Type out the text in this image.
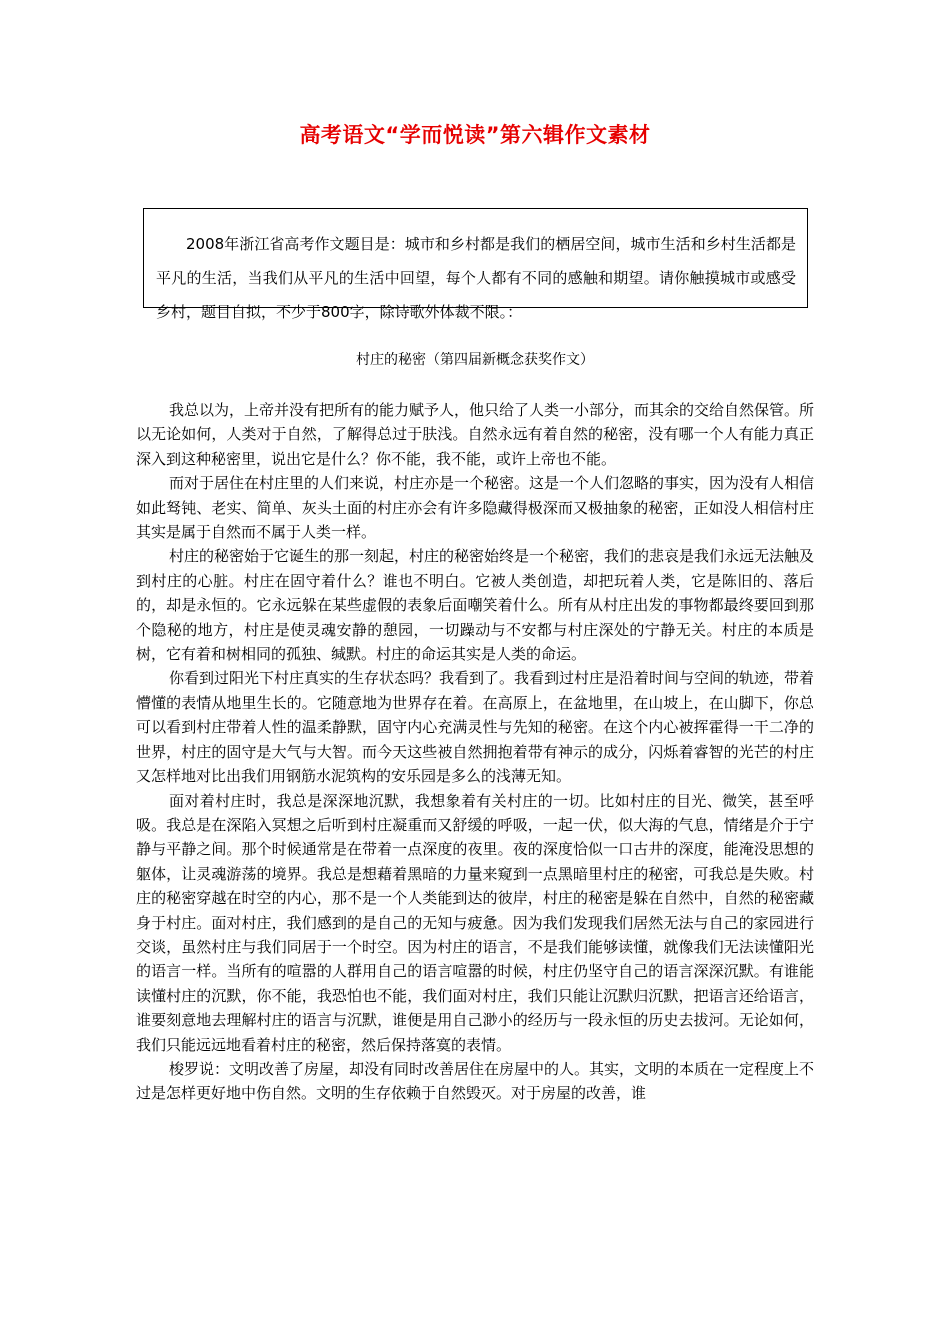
高考语文“学而悦读”第六辑作文素材
2008年浙江省高考作文题目是：城市和乡村都是我们的栖居空间，城市生活和乡村生活都是平凡的生活，当我们从平凡的生活中回望，每个人都有不同的感触和期望。请你触摸城市或感受乡村，题目自拟，不少于800字，除诗歌外体裁不限。：
村庄的秘密（第四届新概念获奖作文）

我总以为，上帝并没有把所有的能力赋予人，他只给了人类一小部分，而其余的交给自然保管。所以无论如何，人类对于自然，了解得总过于肤浅。自然永远有着自然的秘密，没有哪一个人有能力真正深入到这种秘密里，说出它是什么？你不能，我不能，或许上帝也不能。

而对于居住在村庄里的人们来说，村庄亦是一个秘密。这是一个人们忽略的事实，因为没有人相信如此驽钝、老实、简单、灰头土面的村庄亦会有许多隐藏得极深而又极抽象的秘密，正如没人相信村庄其实是属于自然而不属于人类一样。

村庄的秘密始于它诞生的那一刻起，村庄的秘密始终是一个秘密，我们的悲哀是我们永远无法触及到村庄的心脏。村庄在固守着什么？谁也不明白。它被人类创造，却把玩着人类，它是陈旧的、落后的，却是永恒的。它永远躲在某些虚假的表象后面嘲笑着什么。所有从村庄出发的事物都最终要回到那个隐秘的地方，村庄是使灵魂安静的憩园，一切躁动与不安都与村庄深处的宁静无关。村庄的本质是树，它有着和树相同的孤独、缄默。村庄的命运其实是人类的命运。

你看到过阳光下村庄真实的生存状态吗？我看到了。我看到过村庄是沿着时间与空间的轨迹，带着懵懂的表情从地里生长的。它随意地为世界存在着。在高原上，在盆地里，在山坡上，在山脚下，你总可以看到村庄带着人性的温柔静默，固守内心充满灵性与先知的秘密。在这个内心被挥霍得一干二净的世界，村庄的固守是大气与大智。而今天这些被自然拥抱着带有神示的成分，闪烁着睿智的光芒的村庄又怎样地对比出我们用钢筋水泥筑构的安乐园是多么的浅薄无知。

面对着村庄时，我总是深深地沉默，我想象着有关村庄的一切。比如村庄的目光、微笑，甚至呼吸。我总是在深陷入冥想之后听到村庄凝重而又舒缓的呼吸，一起一伏，似大海的气息，情绪是介于宁静与平静之间。那个时候通常是在带着一点深度的夜里。夜的深度恰似一口古井的深度，能淹没思想的躯体，让灵魂游荡的境界。我总是想藉着黑暗的力量来窥到一点黑暗里村庄的秘密，可我总是失败。村庄的秘密穿越在时空的内心，那不是一个人类能到达的彼岸，村庄的秘密是躲在自然中，自然的秘密藏身于村庄。面对村庄，我们感到的是自己的无知与疲惫。因为我们发现我们居然无法与自己的家园进行交谈，虽然村庄与我们同居于一个时空。因为村庄的语言，不是我们能够读懂，就像我们无法读懂阳光的语言一样。当所有的喧嚣的人群用自己的语言喧嚣的时候，村庄仍坚守自己的语言深深沉默。有谁能读懂村庄的沉默，你不能，我恐怕也不能，我们面对村庄，我们只能让沉默归沉默，把语言还给语言，谁要刻意地去理解村庄的语言与沉默，谁便是用自己渺小的经历与一段永恒的历史去拔河。无论如何，我们只能远远地看着村庄的秘密，然后保持落寞的表情。

梭罗说：文明改善了房屋，却没有同时改善居住在房屋中的人。其实，文明的本质在一定程度上不过是怎样更好地中伤自然。文明的生存依赖于自然毁灭。对于房屋的改善，谁
